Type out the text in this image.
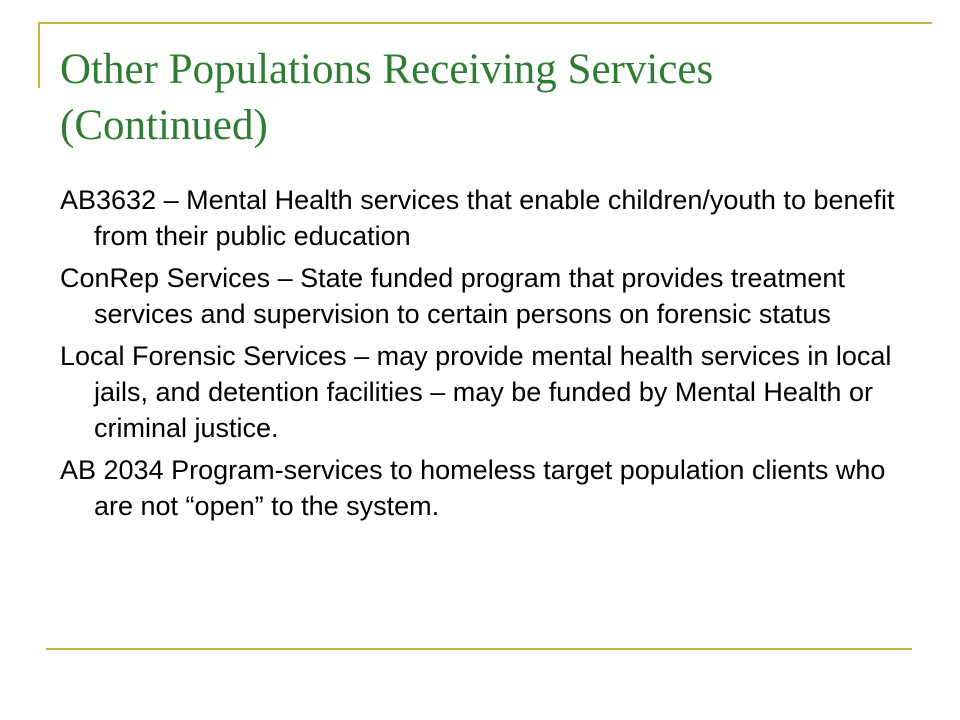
Other Populations Receiving Services (Continued)
AB3632 – Mental Health services that enable children/youth to benefit from their public education
ConRep Services – State funded program that provides treatment services and supervision to certain persons on forensic status
Local Forensic Services – may provide mental health services in local jails, and detention facilities – may be funded by Mental Health or criminal justice.
AB 2034 Program-services to homeless target population clients who are not “open” to the system.
